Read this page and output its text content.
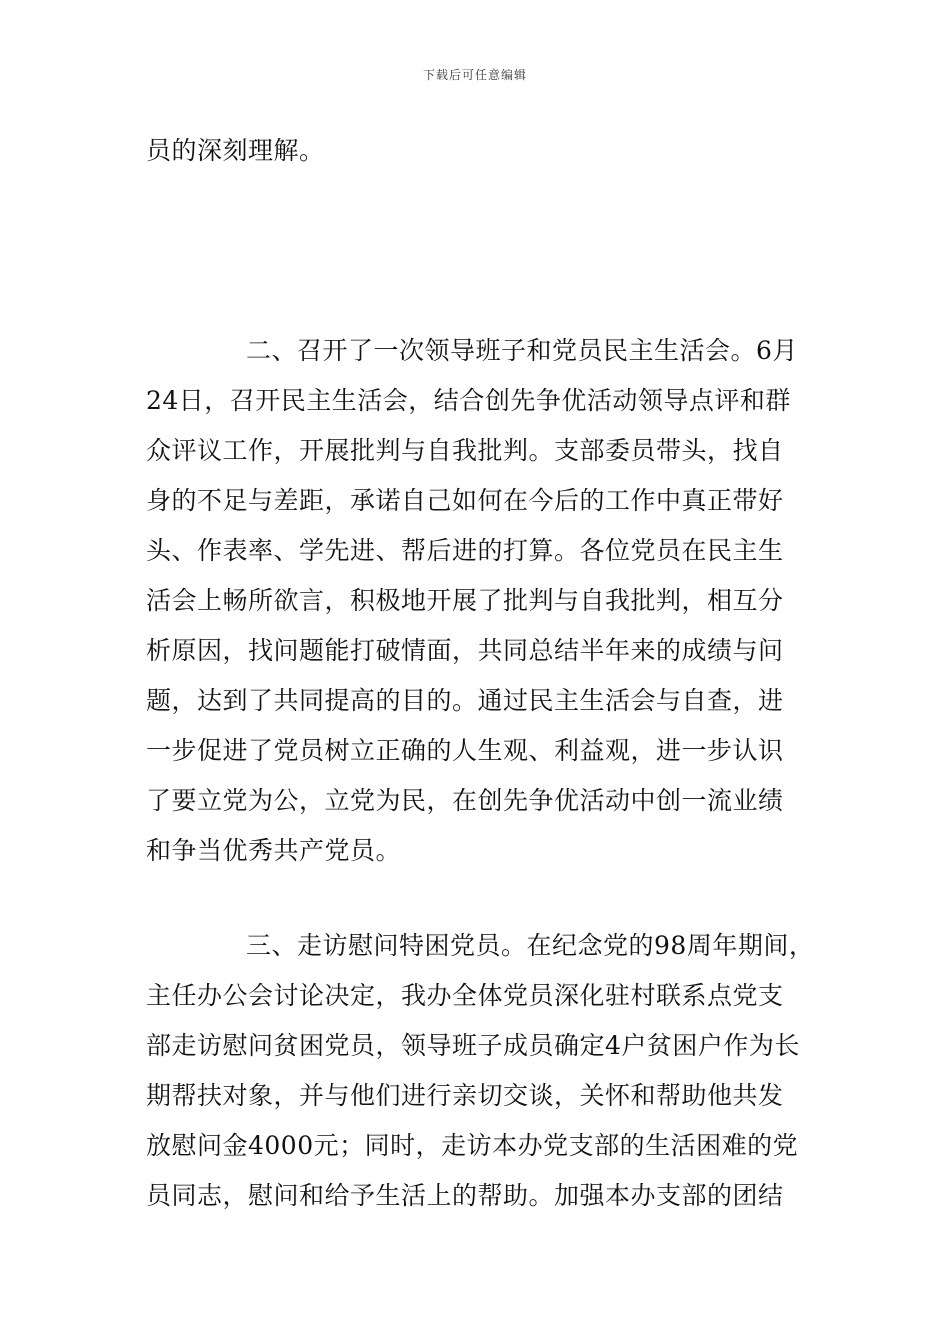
下载后可任意编辑
员的深刻理解。
二、召开了一次领导班子和党员民主生活会。6月
24日，召开民主生活会，结合创先争优活动领导点评和群
众评议工作，开展批判与自我批判。支部委员带头，找自
身的不足与差距，承诺自己如何在今后的工作中真正带好
头、作表率、学先进、帮后进的打算。各位党员在民主生
活会上畅所欲言，积极地开展了批判与自我批判，相互分
析原因，找问题能打破情面，共同总结半年来的成绩与问
题，达到了共同提高的目的。通过民主生活会与自查，进
一步促进了党员树立正确的人生观、利益观，进一步认识
了要立党为公，立党为民，在创先争优活动中创一流业绩
和争当优秀共产党员。
三、走访慰问特困党员。在纪念党的98周年期间，
主任办公会讨论决定，我办全体党员深化驻村联系点党支
部走访慰问贫困党员，领导班子成员确定4户贫困户作为长
期帮扶对象，并与他们进行亲切交谈，关怀和帮助他共发
放慰问金4000元；同时，走访本办党支部的生活困难的党
员同志，慰问和给予生活上的帮助。加强本办支部的团结
